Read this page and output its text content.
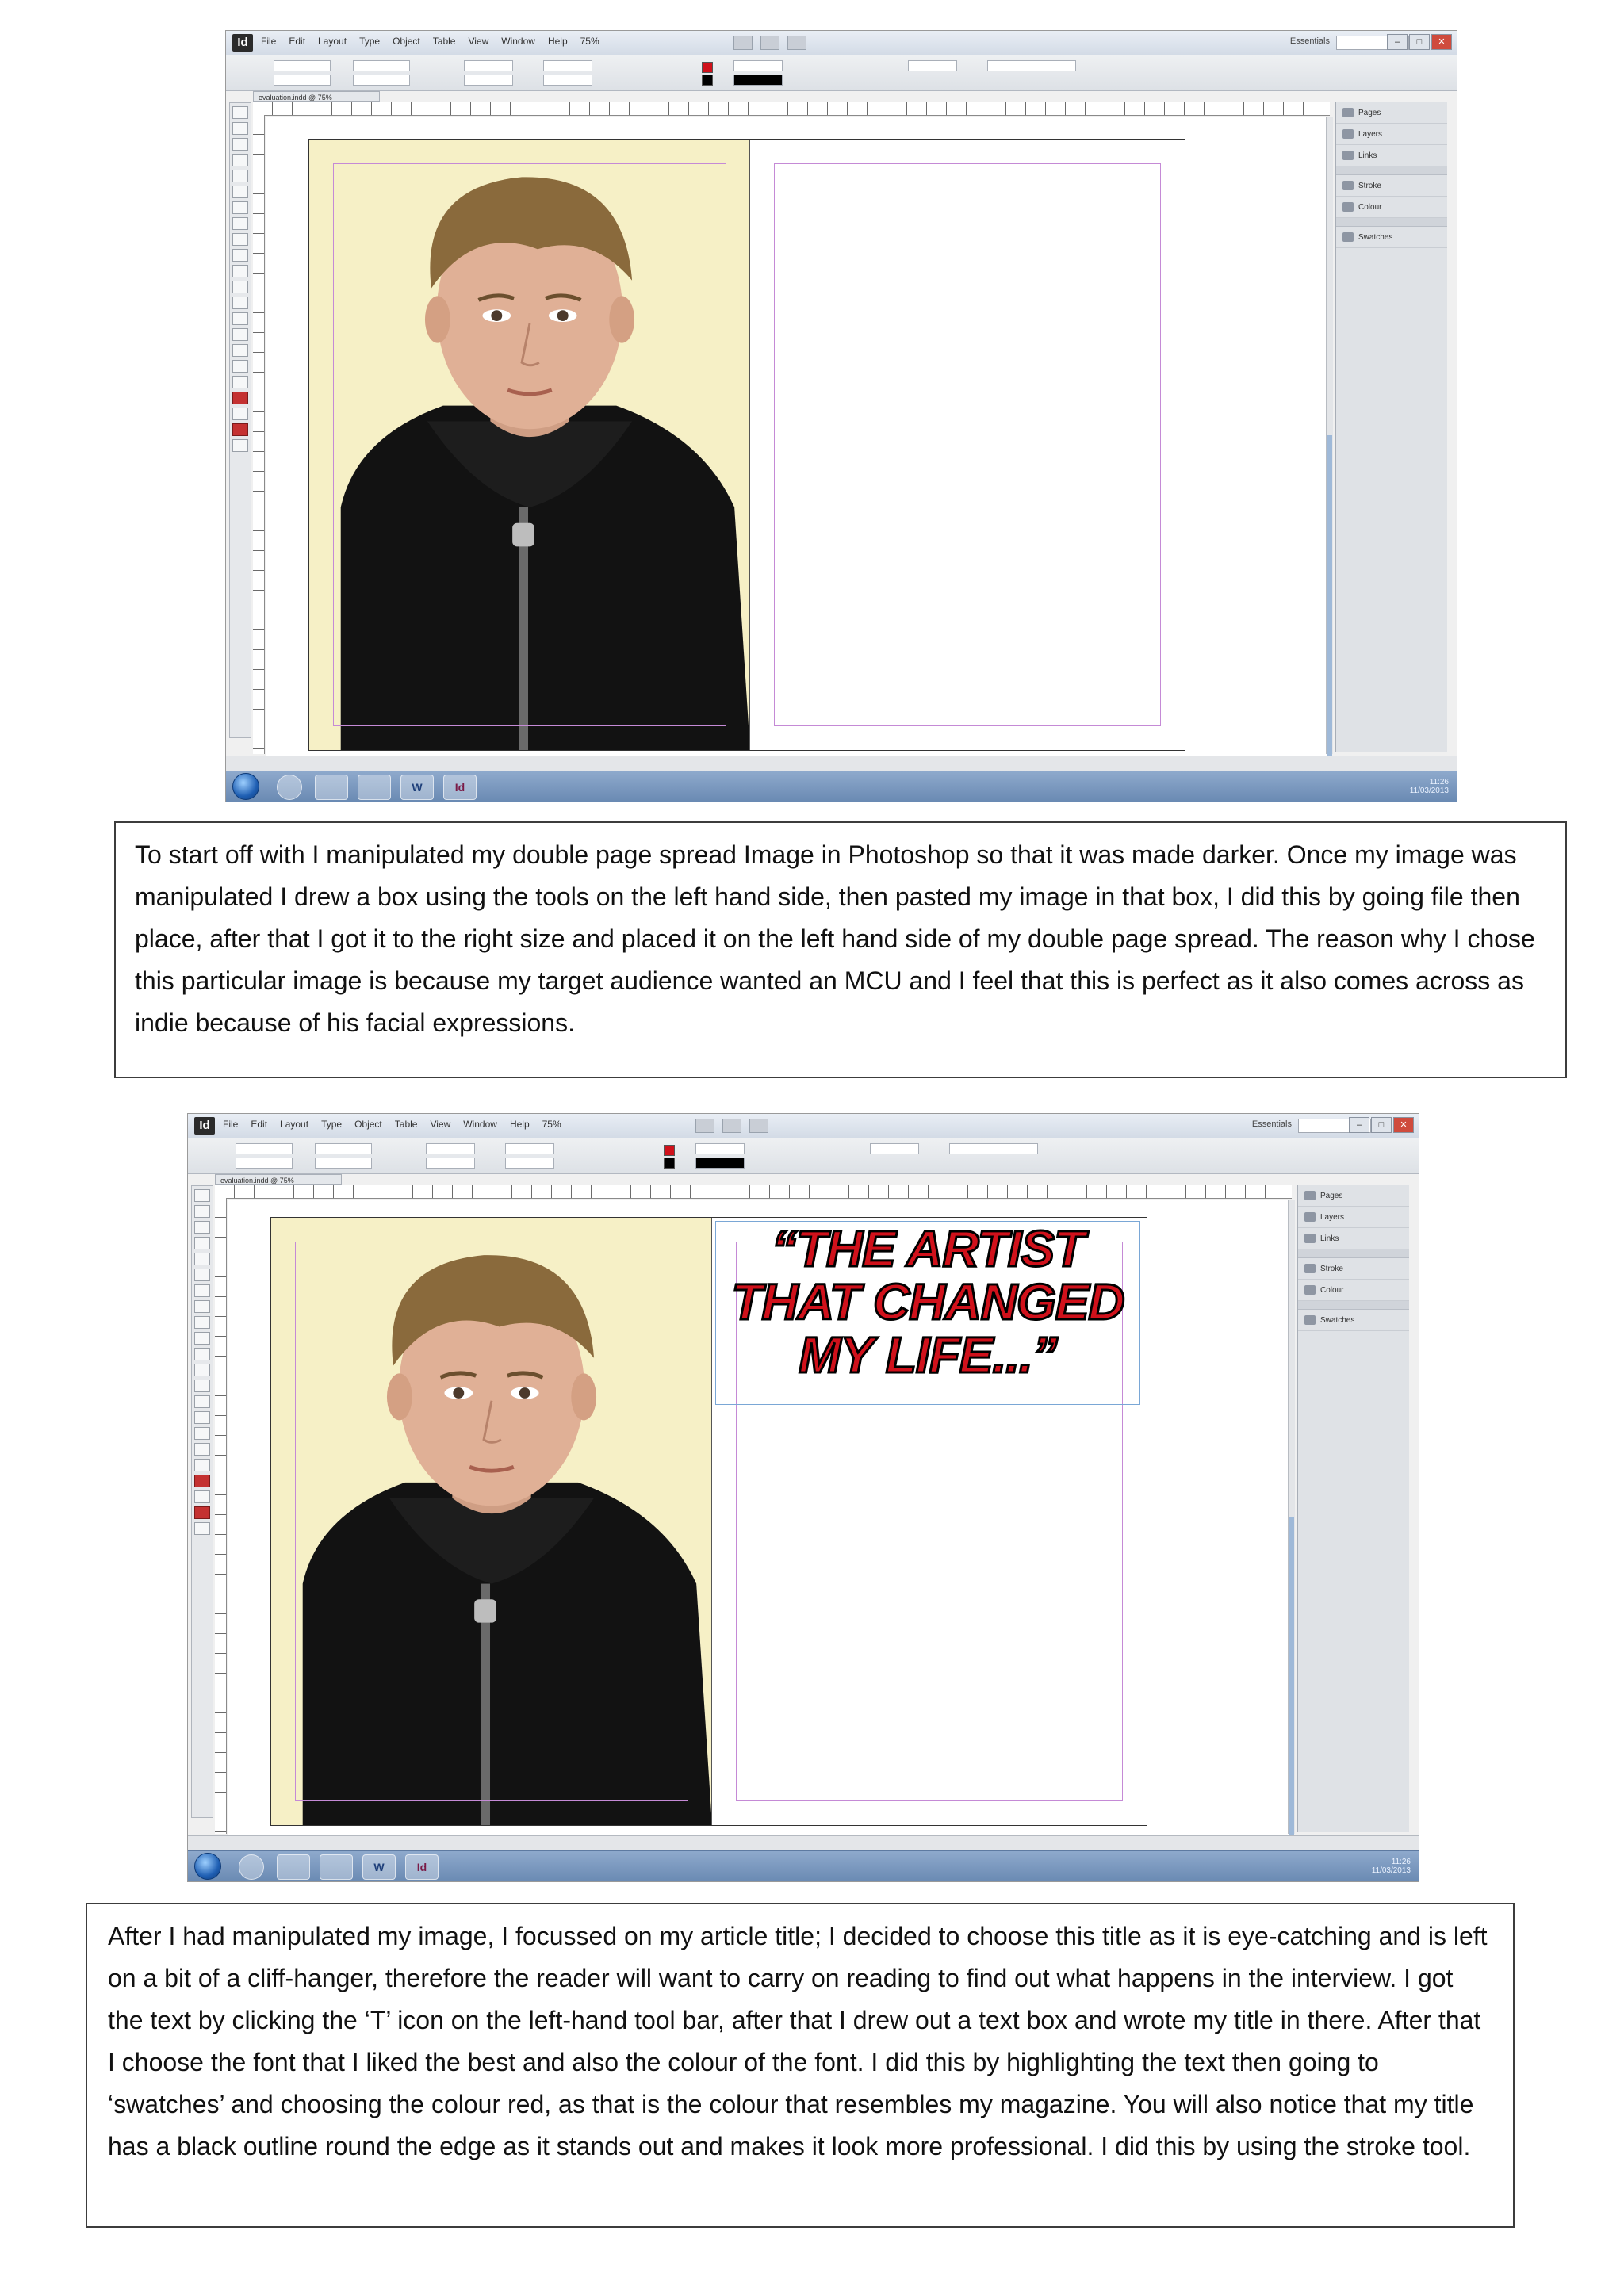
Id	File Edit Layout Type Object Table View Window Help 75%	Essentials	–	□	✕
evaluation.indd @ 75%
Pages
Layers
Links
Stroke
Colour
Swatches
W	Id	11:26
11/03/2013
To start off with I manipulated my double page spread Image in Photoshop so that it was made darker. Once my image was manipulated I drew a box using the tools on the left hand side, then pasted my image in that box, I did this by going file then place, after that I got it to the right size and placed it on the left hand side of my double page spread. The reason why I chose this particular image is because my target audience wanted an MCU and I feel that this is perfect as it also comes across as indie because of his facial expressions.
Id	File Edit Layout Type Object Table View Window Help 75%	Essentials	–	□	✕
evaluation.indd @ 75%
“THE ARTIST
THAT CHANGED
MY LIFE...”
Pages
Layers
Links
Stroke
Colour
Swatches
W	Id	11:26
11/03/2013
After I had manipulated my image, I focussed on my article title; I decided to choose this title as it is eye-catching and is left on a bit of a cliff-hanger, therefore the reader will want to carry on reading to find out what happens in the interview. I got the text by clicking the ‘T’ icon on the left-hand tool bar, after that I drew out a text box and wrote my title in there. After that I choose the font that I liked the best and also the colour of the font. I did this by highlighting the text then going to ‘swatches’ and choosing the colour red, as that is the colour that resembles my magazine. You will also notice that my title has a black outline round the edge as it stands out and makes it look more professional. I did this by using the stroke tool.
